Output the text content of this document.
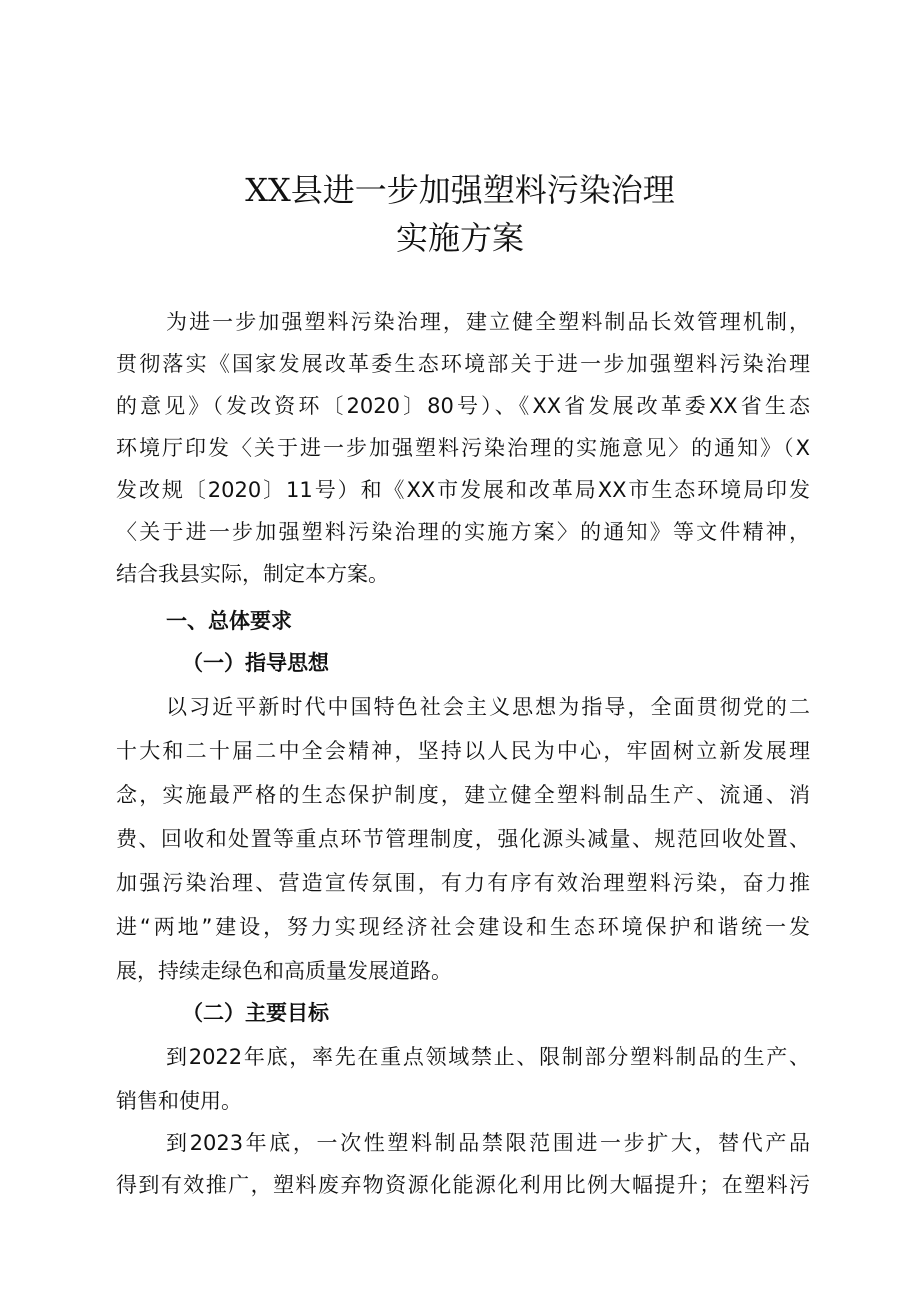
XX县进一步加强塑料污染治理
实施方案
为进一步加强塑料污染治理，建立健全塑料制品长效管理机制，
贯彻落实《国家发展改革委生态环境部关于进一步加强塑料污染治理
的意见》（发改资环〔2020〕80号）、《XX省发展改革委XX省生态
环境厅印发〈关于进一步加强塑料污染治理的实施意见〉的通知》（X
发改规〔2020〕11号）和《XX市发展和改革局XX市生态环境局印发
〈关于进一步加强塑料污染治理的实施方案〉的通知》等文件精神，
结合我县实际，制定本方案。
一、总体要求
（一）指导思想
以习近平新时代中国特色社会主义思想为指导，全面贯彻党的二
十大和二十届二中全会精神，坚持以人民为中心，牢固树立新发展理
念，实施最严格的生态保护制度，建立健全塑料制品生产、流通、消
费、回收和处置等重点环节管理制度，强化源头减量、规范回收处置、
加强污染治理、营造宣传氛围，有力有序有效治理塑料污染，奋力推
进“两地”建设，努力实现经济社会建设和生态环境保护和谐统一发
展，持续走绿色和高质量发展道路。
（二）主要目标
到2022年底，率先在重点领域禁止、限制部分塑料制品的生产、
销售和使用。
到2023年底，一次性塑料制品禁限范围进一步扩大，替代产品
得到有效推广，塑料废弃物资源化能源化利用比例大幅提升；在塑料污
